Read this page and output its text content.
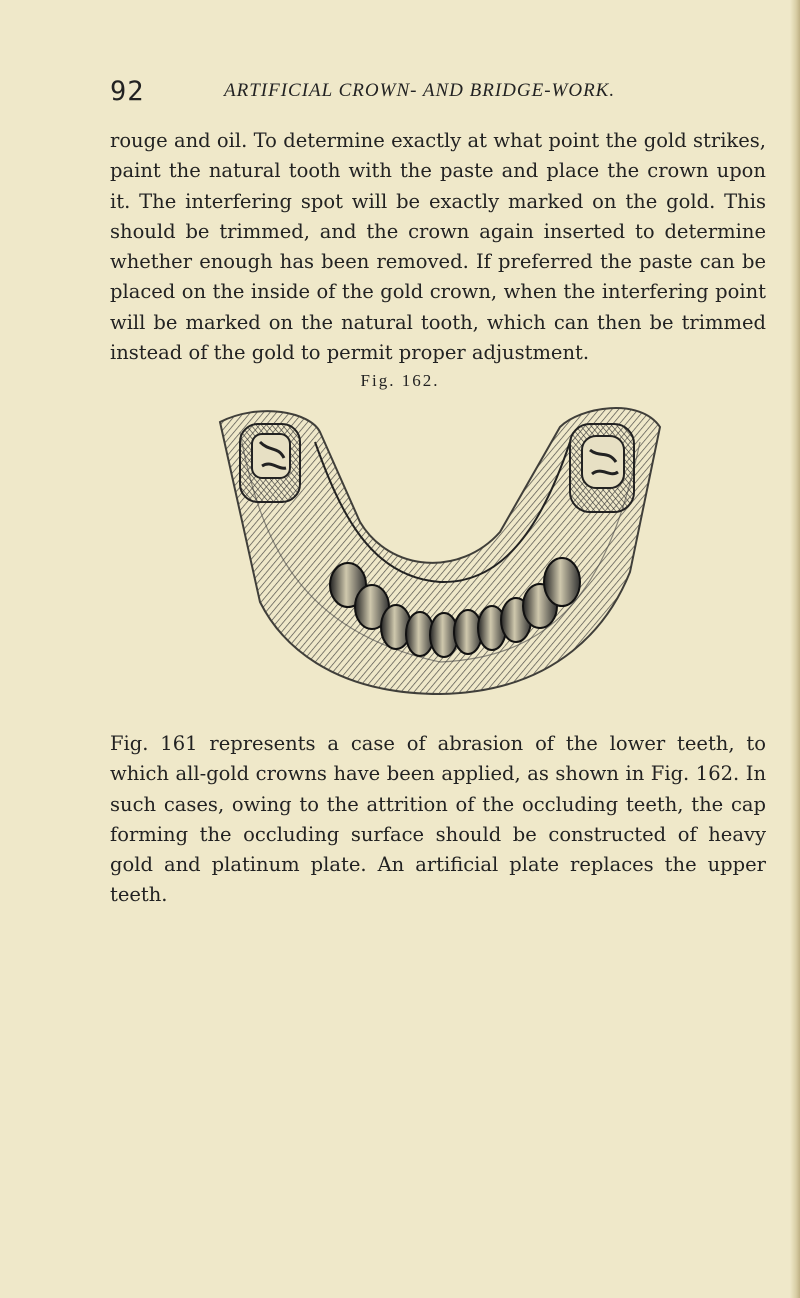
92	ARTIFICIAL CROWN- AND BRIDGE-WORK.

rouge and oil. To determine exactly at what point the gold strikes, paint the natural tooth with the paste and place the crown upon it. The interfering spot will be exactly marked on the gold. This should be trimmed, and the crown again inserted to determine whether enough has been removed. If preferred the paste can be placed on the inside of the gold crown, when the interfering point will be marked on the natural tooth, which can then be trimmed instead of the gold to permit proper adjustment.

Fig. 162.

Fig. 161 represents a case of abrasion of the lower teeth, to which all-gold crowns have been applied, as shown in Fig. 162. In such cases, owing to the attrition of the occluding teeth, the cap forming the occluding surface should be constructed of heavy gold and platinum plate. An artificial plate replaces the upper teeth.
